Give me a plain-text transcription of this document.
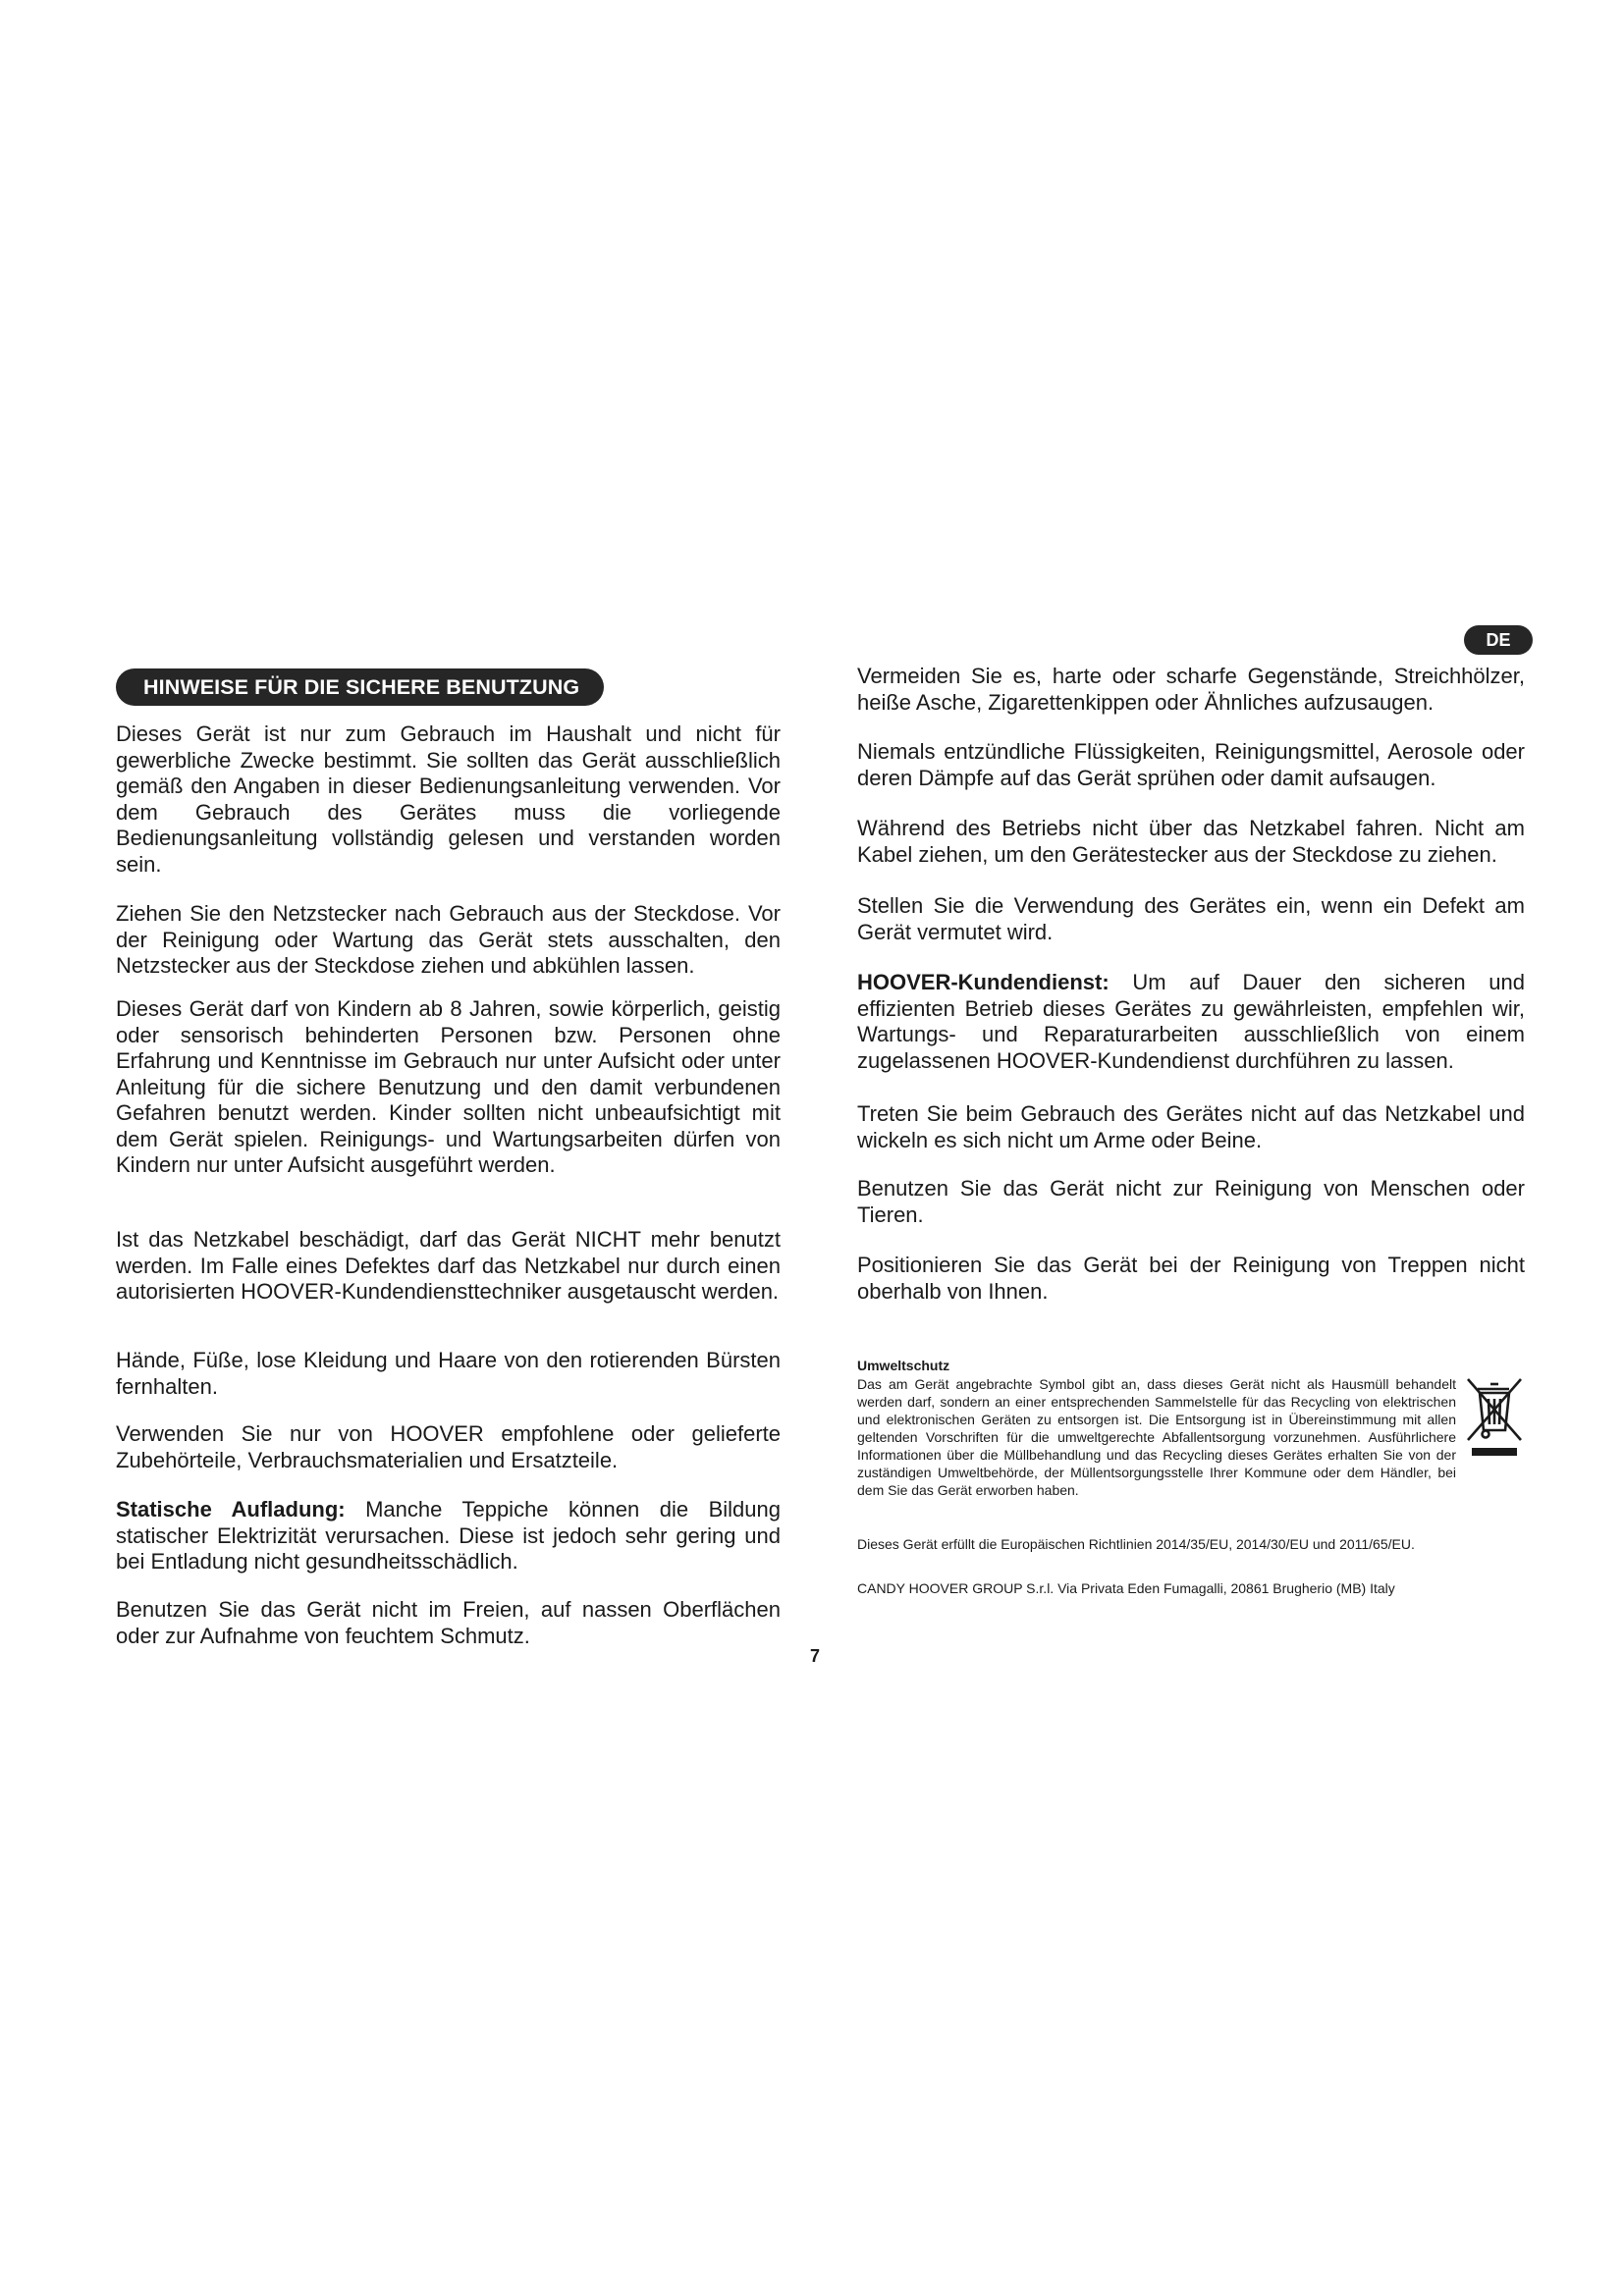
HINWEISE FÜR DIE SICHERE BENUTZUNG
DE

Dieses Gerät ist nur zum Gebrauch im Haushalt und nicht für gewerbliche Zwecke bestimmt. Sie sollten das Gerät ausschließlich gemäß den Angaben in dieser Bedienungsanleitung verwenden. Vor dem Gebrauch des Gerätes muss die vorliegende Bedienungsanleitung vollständig gelesen und verstanden worden sein.

Ziehen Sie den Netzstecker nach Gebrauch aus der Steckdose. Vor der Reinigung oder Wartung das Gerät stets ausschalten, den Netzstecker aus der Steckdose ziehen und abkühlen lassen.

Dieses Gerät darf von Kindern ab 8 Jahren, sowie körperlich, geistig oder sensorisch behinderten Personen bzw. Personen ohne Erfahrung und Kenntnisse im Gebrauch nur unter Aufsicht oder unter Anleitung für die sichere Benutzung und den damit verbundenen Gefahren benutzt werden. Kinder sollten nicht unbeaufsichtigt mit dem Gerät spielen. Reinigungs- und Wartungsarbeiten dürfen von Kindern nur unter Aufsicht ausgeführt werden.

Ist das Netzkabel beschädigt, darf das Gerät NICHT mehr benutzt werden. Im Falle eines Defektes darf das Netzkabel nur durch einen autorisierten HOOVER-Kundendiensttechniker ausgetauscht werden.

Hände, Füße, lose Kleidung und Haare von den rotierenden Bürsten fernhalten.

Verwenden Sie nur von HOOVER empfohlene oder gelieferte Zubehörteile, Verbrauchsmaterialien und Ersatzteile.

Statische Aufladung: Manche Teppiche können die Bildung statischer Elektrizität verursachen. Diese ist jedoch sehr gering und bei Entladung nicht gesundheitsschädlich.

Benutzen Sie das Gerät nicht im Freien, auf nassen Oberflächen oder zur Aufnahme von feuchtem Schmutz.

Vermeiden Sie es, harte oder scharfe Gegenstände, Streichhölzer, heiße Asche, Zigarettenkippen oder Ähnliches aufzusaugen.

Niemals entzündliche Flüssigkeiten, Reinigungsmittel, Aerosole oder deren Dämpfe auf das Gerät sprühen oder damit aufsaugen.

Während des Betriebs nicht über das Netzkabel fahren. Nicht am Kabel ziehen, um den Gerätestecker aus der Steckdose zu ziehen.

Stellen Sie die Verwendung des Gerätes ein, wenn ein Defekt am Gerät vermutet wird.

HOOVER-Kundendienst: Um auf Dauer den sicheren und effizienten Betrieb dieses Gerätes zu gewährleisten, empfehlen wir, Wartungs- und Reparaturarbeiten ausschließlich von einem zugelassenen HOOVER-Kundendienst durchführen zu lassen.

Treten Sie beim Gebrauch des Gerätes nicht auf das Netzkabel und wickeln es sich nicht um Arme oder Beine.

Benutzen Sie das Gerät nicht zur Reinigung von Menschen oder Tieren.

Positionieren Sie das Gerät bei der Reinigung von Treppen nicht oberhalb von Ihnen.

Umweltschutz

Das am Gerät angebrachte Symbol gibt an, dass dieses Gerät nicht als Hausmüll behandelt werden darf, sondern an einer entsprechenden Sammelstelle für das Recycling von elektrischen und elektronischen Geräten zu entsorgen ist. Die Entsorgung ist in Übereinstimmung mit allen geltenden Vorschriften für die umweltgerechte Abfallentsorgung vorzunehmen. Ausführlichere Informationen über die Müllbehandlung und das Recycling dieses Gerätes erhalten Sie von der zuständigen Umweltbehörde, der Müllentsorgungsstelle Ihrer Kommune oder dem Händler, bei dem Sie das Gerät erworben haben.

Dieses Gerät erfüllt die Europäischen Richtlinien 2014/35/EU, 2014/30/EU und 2011/65/EU.

CANDY HOOVER GROUP S.r.l. Via Privata Eden Fumagalli, 20861 Brugherio (MB) Italy

7
